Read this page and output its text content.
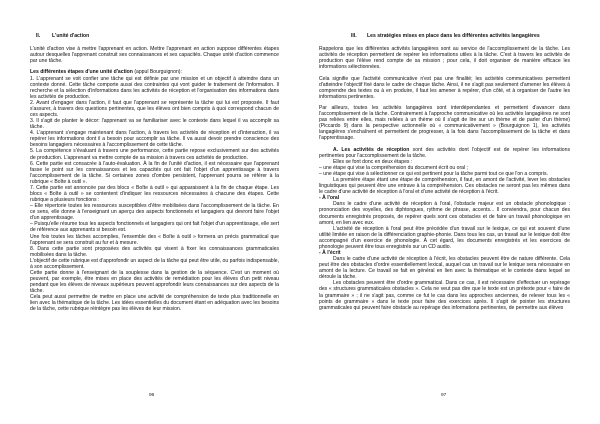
II. L'unité d'action

L'unité d'action vise à mettre l'apprenant en action. Mettre l'apprenant en action suppose différentes étapes autour desquelles l'apprenant construit ses connaissances et ses capacités. Chaque unité d'action commence par une tâche.

Les différentes étapes d'une unité d'action (appul Bourguignon):

1. L'apprenant se voit confier une tâche qui est définie par une mission et un objectif à atteindre dans un contexte donné. Cette tâche comporte aussi des contraintes qui vont guider le traitement de l'information. Il recherche et la sélection d'informations dans les activités de réception et l'organisation des informations dans les activités de production.

2. Avant d'engager dans l'action, il faut que l'apprenant se représente la tâche qui lui est proposée. Il faut s'assurer, à travers des questions pertinentes, que les élèves ont bien compris à quoi correspond chacun de ces aspects.

3. Il s'agit de planter le décor: l'apprenant va se familiariser avec le contexte dans lequel il va accomplir sa tâche.

4. L'apprenant s'engage maintenant dans l'action, à travers les activités de réception et d'interaction, il va repérer les informations dont il a besoin pour accomplir sa tâche. Il va aussi devoir prendre conscience des besoins langagiers nécessaires à l'accomplissement de cette tâche.

5. La compétence s'évaluant à travers une performance, cette partie repose exclusivement sur des activités de production. L'apprenant va mettre compte de sa mission à travers ces activités de production.

6. Cette partie est consacrée à l'auto-évaluation. À la fin de l'unité d'action, il est nécessaire que l'apprenant fasse le point sur les connaissances et les capacités qui ont fait l'objet d'un apprentissage à travers l'accomplissement de la tâche. Si certaines zones d'ombre persistent, l'apprenant pourra se référer à la rubrique « Boîte à outil ».

7. Cette partie est annoncée par des blocs « Boîte à outil » qui apparaissent à la fin de chaque étape. Les blocs « Boîte à outil » se contentent d'indiquer les ressources nécessaires à chacune des étapes. Cette rubrique a plusieurs fonctions :

– Elle répertorie toutes les ressources susceptibles d'être mobilisées dans l'accomplissement de la tâche. En ce sens, elle donne à l'enseignant un aperçu des aspects fonctionnels et langagiers qui devront faire l'objet d'un apprentissage.

– Puisqu'elle résume tous les aspects fonctionnels et langagiers qui ont fait l'objet d'un apprentissage, elle sert de référence aux apprenants si besoin est.

Une fois toutes les tâches accomplies, l'ensemble des « Boîte à outil » formera un précis grammatical que l'apprenant se sera construit au fur et à mesure.

8. Dans cette partie sont proposées des activités qui visent à fixer les connaissances grammaticales mobilisées dans la tâche.

L'objectif de cette rubrique est d'approfondir un aspect de la tâche qui peut être utile, ou parfois indispensable, à son accomplissement.

Cette partie donne à l'enseignant de la souplesse dans la gestion de la séquence. C'est un moment où peuvent, par exemple, être mises en place des activités de remédiation pour les élèves d'un petit niveau pendant que les élèves de niveaux supérieurs peuvent approfondir leurs connaissances sur des aspects de la tâche.

Cela peut aussi permettre de mettre en place une activité de compréhension de texte plus traditionnelle en lien avec la thématique de la tâche. Les idées essentielles du document étant en adéquation avec les besoins de la tâche, cette rubrique réintègre pas les élèves de leur mission.

96
III. Les stratégies mises en place dans les différentes activités langagières

Rappelons que les différentes activités langagières sont au service de l'accomplissement de la tâche. Les activités de réception permettent de repérer les informations utiles à la tâche. C'est à travers les activités de production que l'élève rend compte de sa mission ; pour cela, il doit organiser de manière efficace les informations sélectionnées.

Cela signifie que l'activité communicative n'est pas une finalité; les activités communicatives permettent d'atteindre l'objectif fixé dans le cadre de chaque tâche. Ainsi, il ne s'agit pas seulement d'amener les élèves à comprendre des textes ou à en produire, il faut les amener à repérer, d'un côté, et à organiser de l'autre les informations pertinentes.

Par ailleurs, toutes les activités langagières sont interdépendantes et permettent d'avancer dans l'accomplissement de la tâche. Contrairement à l'approche communicative où les activités langagières ne sont pas reliées entre elles, mais reliées à un thème où il s'agit de lire sur un thème et de parler d'un thème) (Piccardo 9) dans la perspective actionnelle où « communicativement » (Bourguignon 1), les activités langagières s'enchaînent et permettent de progresser, à la fois dans l'accomplissement de la tâche et dans l'apprentissage.

A. Les activités de réception sont des activités dont l'objectif est de repérer les informations pertinentes pour l'accomplissement de la tâche.

Elles se font donc en deux étapes :

– une étape qui vise la compréhension du document écrit ou oral ;

– une étape qui vise à sélectionner ce qui est pertinent pour la tâche parmi tout ce que l'on a compris.

La première étape étant une étape de compréhension, il faut, en amont de l'activité, lever les obstacles linguistiques qui peuvent être une entrave à la compréhension. Ces obstacles ne seront pas les mêmes dans le cadre d'une activité de réception à l'oral et d'une activité de réception à l'écrit.

- À l'oral

Dans le cadre d'une activité de réception à l'oral, l'obstacle majeur est un obstacle phonologique : prononciation des voyelles, des diphtongues, rythme de phrase, accents... Il conviendra, pour chacun des documents enregistrés proposés, de repérer quels sont ces obstacles et de faire un travail phonologique en amont, en lien avec eux.

L'activité de réception à l'oral peut être précédée d'un travail sur le lexique, ce qui est souvent d'une utilité limitée en raison de la différenciation graphie-phonie. Dans tous les cas, un travail sur le lexique doit être accompagné d'un exercice de phonologie. À cet égard, les documents enregistrés et les exercices de phonologie peuvent être tous enregistrés sur un CD audio.

- À l'écrit

Dans le cadre d'une activité de réception à l'écrit, les obstacles peuvent être de nature différente. Cela peut être des obstacles d'ordre essentiellement lexical, auquel cas un travail sur le lexique sera nécessaire en amont de la lecture. Ce travail se fait en général en lien avec la thématique et le contexte dans lequel se déroule la tâche.

Les obstacles peuvent être d'ordre grammatical. Dans ce cas, il est nécessaire d'effectuer un repérage des « structures grammaticales obstacles ». Cela ne veut pas dire que le texte est un prétexte pour « faire de la grammaire » ; il ne s'agit pas, comme ce fut le cas dans les approches anciennes, de relever tous les « points de grammaire » dans le texte pour faire des exercices après. Il s'agit de pointer les structures grammaticales qui peuvent faire obstacle au repérage des informations pertinentes, de permettre aux élèves

97
